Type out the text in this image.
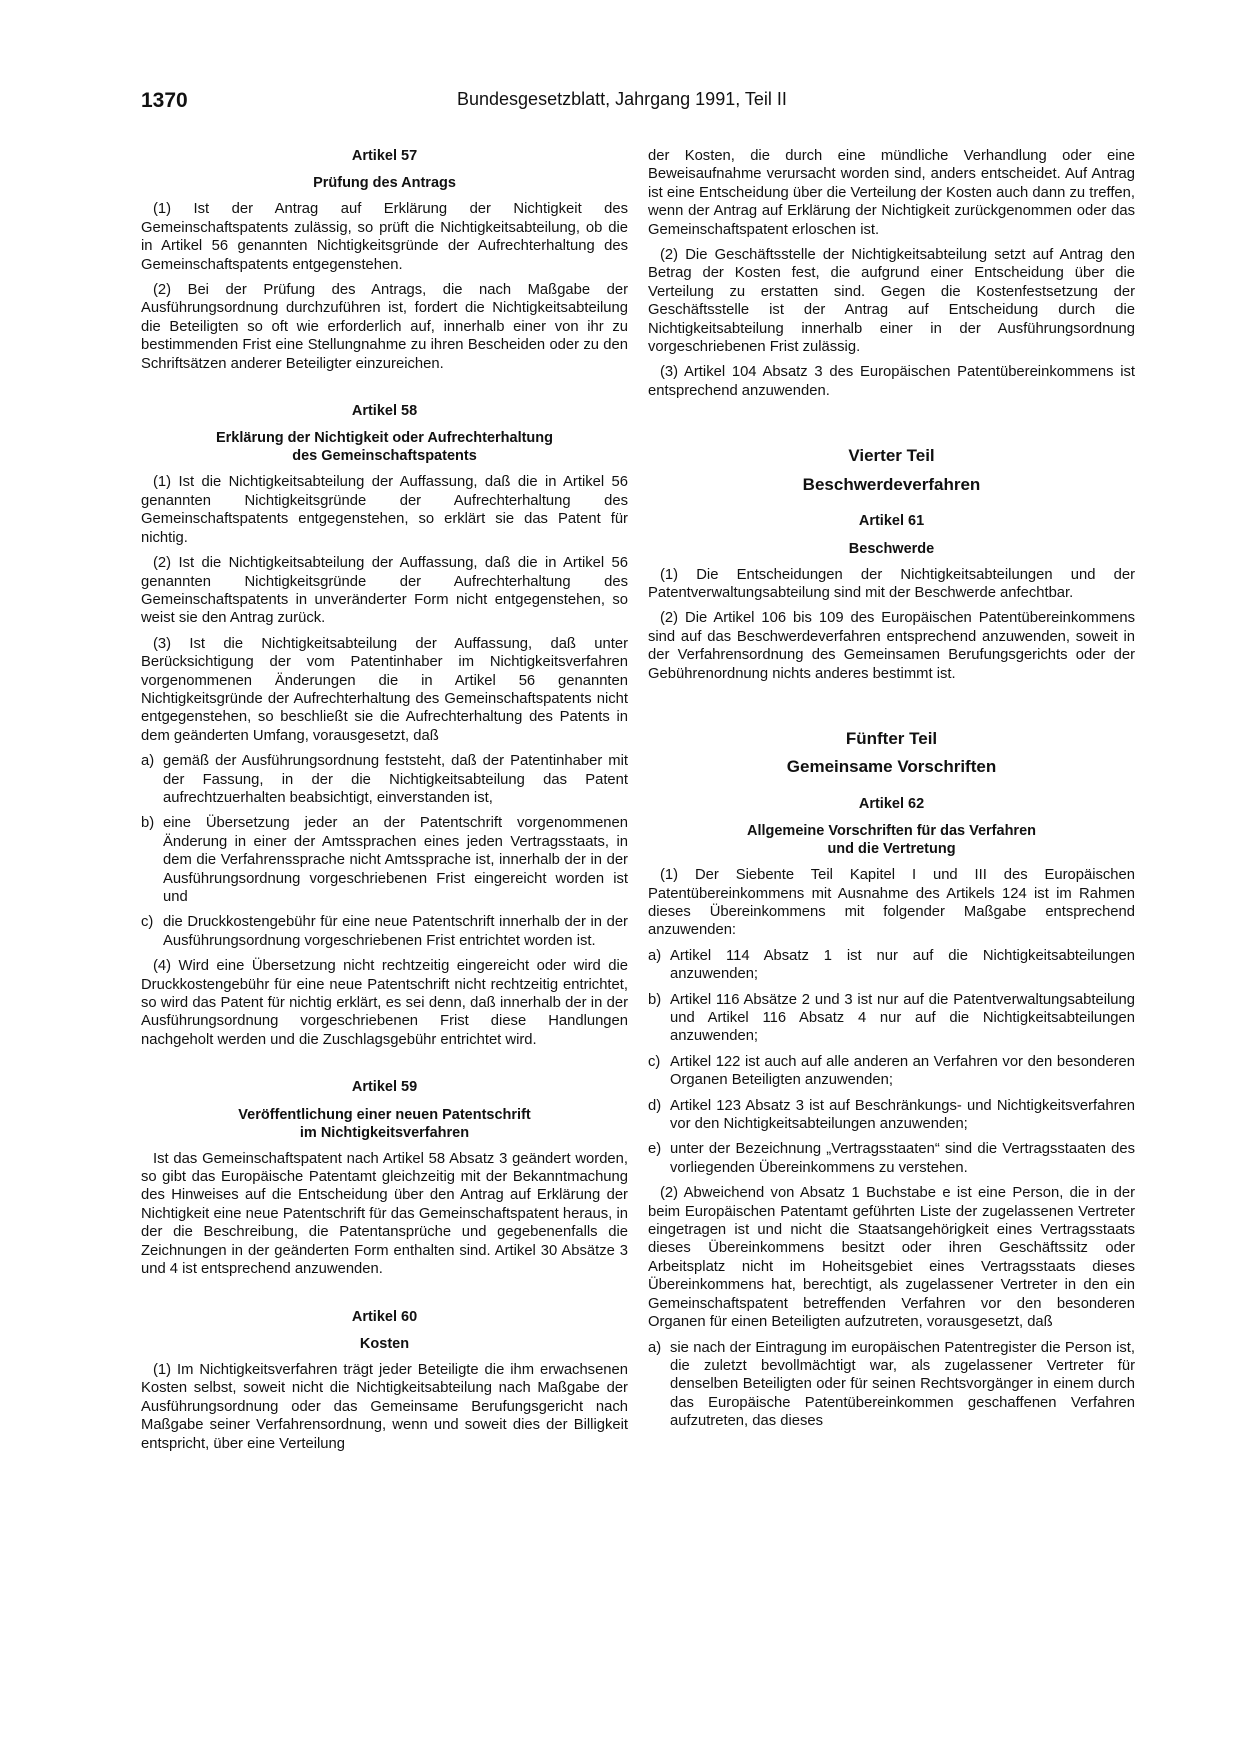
1370	Bundesgesetzblatt, Jahrgang 1991, Teil II
Artikel 57
Prüfung des Antrags

(1) Ist der Antrag auf Erklärung der Nichtigkeit des Gemeinschaftspatents zulässig, so prüft die Nichtigkeitsabteilung, ob die in Artikel 56 genannten Nichtigkeitsgründe der Aufrechterhaltung des Gemeinschaftspatents entgegenstehen.

(2) Bei der Prüfung des Antrags, die nach Maßgabe der Ausführungsordnung durchzuführen ist, fordert die Nichtigkeitsabteilung die Beteiligten so oft wie erforderlich auf, innerhalb einer von ihr zu bestimmenden Frist eine Stellungnahme zu ihren Bescheiden oder zu den Schriftsätzen anderer Beteiligter einzureichen.

Artikel 58
Erklärung der Nichtigkeit oder Aufrechterhaltung
des Gemeinschaftspatents

(1) Ist die Nichtigkeitsabteilung der Auffassung, daß die in Artikel 56 genannten Nichtigkeitsgründe der Aufrechterhaltung des Gemeinschaftspatents entgegenstehen, so erklärt sie das Patent für nichtig.

(2) Ist die Nichtigkeitsabteilung der Auffassung, daß die in Artikel 56 genannten Nichtigkeitsgründe der Aufrechterhaltung des Gemeinschaftspatents in unveränderter Form nicht entgegenstehen, so weist sie den Antrag zurück.

(3) Ist die Nichtigkeitsabteilung der Auffassung, daß unter Berücksichtigung der vom Patentinhaber im Nichtigkeitsverfahren vorgenommenen Änderungen die in Artikel 56 genannten Nichtigkeitsgründe der Aufrechterhaltung des Gemeinschaftspatents nicht entgegenstehen, so beschließt sie die Aufrechterhaltung des Patents in dem geänderten Umfang, vorausgesetzt, daß

a) gemäß der Ausführungsordnung feststeht, daß der Patentinhaber mit der Fassung, in der die Nichtigkeitsabteilung das Patent aufrechtzuerhalten beabsichtigt, einverstanden ist,
b) eine Übersetzung jeder an der Patentschrift vorgenommenen Änderung in einer der Amtssprachen eines jeden Vertragsstaats, in dem die Verfahrenssprache nicht Amtssprache ist, innerhalb der in der Ausführungsordnung vorgeschriebenen Frist eingereicht worden ist und
c) die Druckkostengebühr für eine neue Patentschrift innerhalb der in der Ausführungsordnung vorgeschriebenen Frist entrichtet worden ist.

(4) Wird eine Übersetzung nicht rechtzeitig eingereicht oder wird die Druckkostengebühr für eine neue Patentschrift nicht rechtzeitig entrichtet, so wird das Patent für nichtig erklärt, es sei denn, daß innerhalb der in der Ausführungsordnung vorgeschriebenen Frist diese Handlungen nachgeholt werden und die Zuschlagsgebühr entrichtet wird.

Artikel 59
Veröffentlichung einer neuen Patentschrift
im Nichtigkeitsverfahren

Ist das Gemeinschaftspatent nach Artikel 58 Absatz 3 geändert worden, so gibt das Europäische Patentamt gleichzeitig mit der Bekanntmachung des Hinweises auf die Entscheidung über den Antrag auf Erklärung der Nichtigkeit eine neue Patentschrift für das Gemeinschaftspatent heraus, in der die Beschreibung, die Patentansprüche und gegebenenfalls die Zeichnungen in der geänderten Form enthalten sind. Artikel 30 Absätze 3 und 4 ist entsprechend anzuwenden.

Artikel 60
Kosten

(1) Im Nichtigkeitsverfahren trägt jeder Beteiligte die ihm erwachsenen Kosten selbst, soweit nicht die Nichtigkeitsabteilung nach Maßgabe der Ausführungsordnung oder das Gemeinsame Berufungsgericht nach Maßgabe seiner Verfahrensordnung, wenn und soweit dies der Billigkeit entspricht, über eine Verteilung

der Kosten, die durch eine mündliche Verhandlung oder eine Beweisaufnahme verursacht worden sind, anders entscheidet. Auf Antrag ist eine Entscheidung über die Verteilung der Kosten auch dann zu treffen, wenn der Antrag auf Erklärung der Nichtigkeit zurückgenommen oder das Gemeinschaftspatent erloschen ist.

(2) Die Geschäftsstelle der Nichtigkeitsabteilung setzt auf Antrag den Betrag der Kosten fest, die aufgrund einer Entscheidung über die Verteilung zu erstatten sind. Gegen die Kostenfestsetzung der Geschäftsstelle ist der Antrag auf Entscheidung durch die Nichtigkeitsabteilung innerhalb einer in der Ausführungsordnung vorgeschriebenen Frist zulässig.

(3) Artikel 104 Absatz 3 des Europäischen Patentübereinkommens ist entsprechend anzuwenden.

Vierter Teil
Beschwerdeverfahren
Artikel 61
Beschwerde

(1) Die Entscheidungen der Nichtigkeitsabteilungen und der Patentverwaltungsabteilung sind mit der Beschwerde anfechtbar.

(2) Die Artikel 106 bis 109 des Europäischen Patentübereinkommens sind auf das Beschwerdeverfahren entsprechend anzuwenden, soweit in der Verfahrensordnung des Gemeinsamen Berufungsgerichts oder der Gebührenordnung nichts anderes bestimmt ist.

Fünfter Teil
Gemeinsame Vorschriften
Artikel 62
Allgemeine Vorschriften für das Verfahren
und die Vertretung

(1) Der Siebente Teil Kapitel I und III des Europäischen Patentübereinkommens mit Ausnahme des Artikels 124 ist im Rahmen dieses Übereinkommens mit folgender Maßgabe entsprechend anzuwenden:

a) Artikel 114 Absatz 1 ist nur auf die Nichtigkeitsabteilungen anzuwenden;
b) Artikel 116 Absätze 2 und 3 ist nur auf die Patentverwaltungsabteilung und Artikel 116 Absatz 4 nur auf die Nichtigkeitsabteilungen anzuwenden;
c) Artikel 122 ist auch auf alle anderen an Verfahren vor den besonderen Organen Beteiligten anzuwenden;
d) Artikel 123 Absatz 3 ist auf Beschränkungs- und Nichtigkeitsverfahren vor den Nichtigkeitsabteilungen anzuwenden;
e) unter der Bezeichnung „Vertragsstaaten“ sind die Vertragsstaaten des vorliegenden Übereinkommens zu verstehen.

(2) Abweichend von Absatz 1 Buchstabe e ist eine Person, die in der beim Europäischen Patentamt geführten Liste der zugelassenen Vertreter eingetragen ist und nicht die Staatsangehörigkeit eines Vertragsstaats dieses Übereinkommens besitzt oder ihren Geschäftssitz oder Arbeitsplatz nicht im Hoheitsgebiet eines Vertragsstaats dieses Übereinkommens hat, berechtigt, als zugelassener Vertreter in den ein Gemeinschaftspatent betreffenden Verfahren vor den besonderen Organen für einen Beteiligten aufzutreten, vorausgesetzt, daß

a) sie nach der Eintragung im europäischen Patentregister die Person ist, die zuletzt bevollmächtigt war, als zugelassener Vertreter für denselben Beteiligten oder für seinen Rechtsvorgänger in einem durch das Europäische Patentübereinkommen geschaffenen Verfahren aufzutreten, das dieses
